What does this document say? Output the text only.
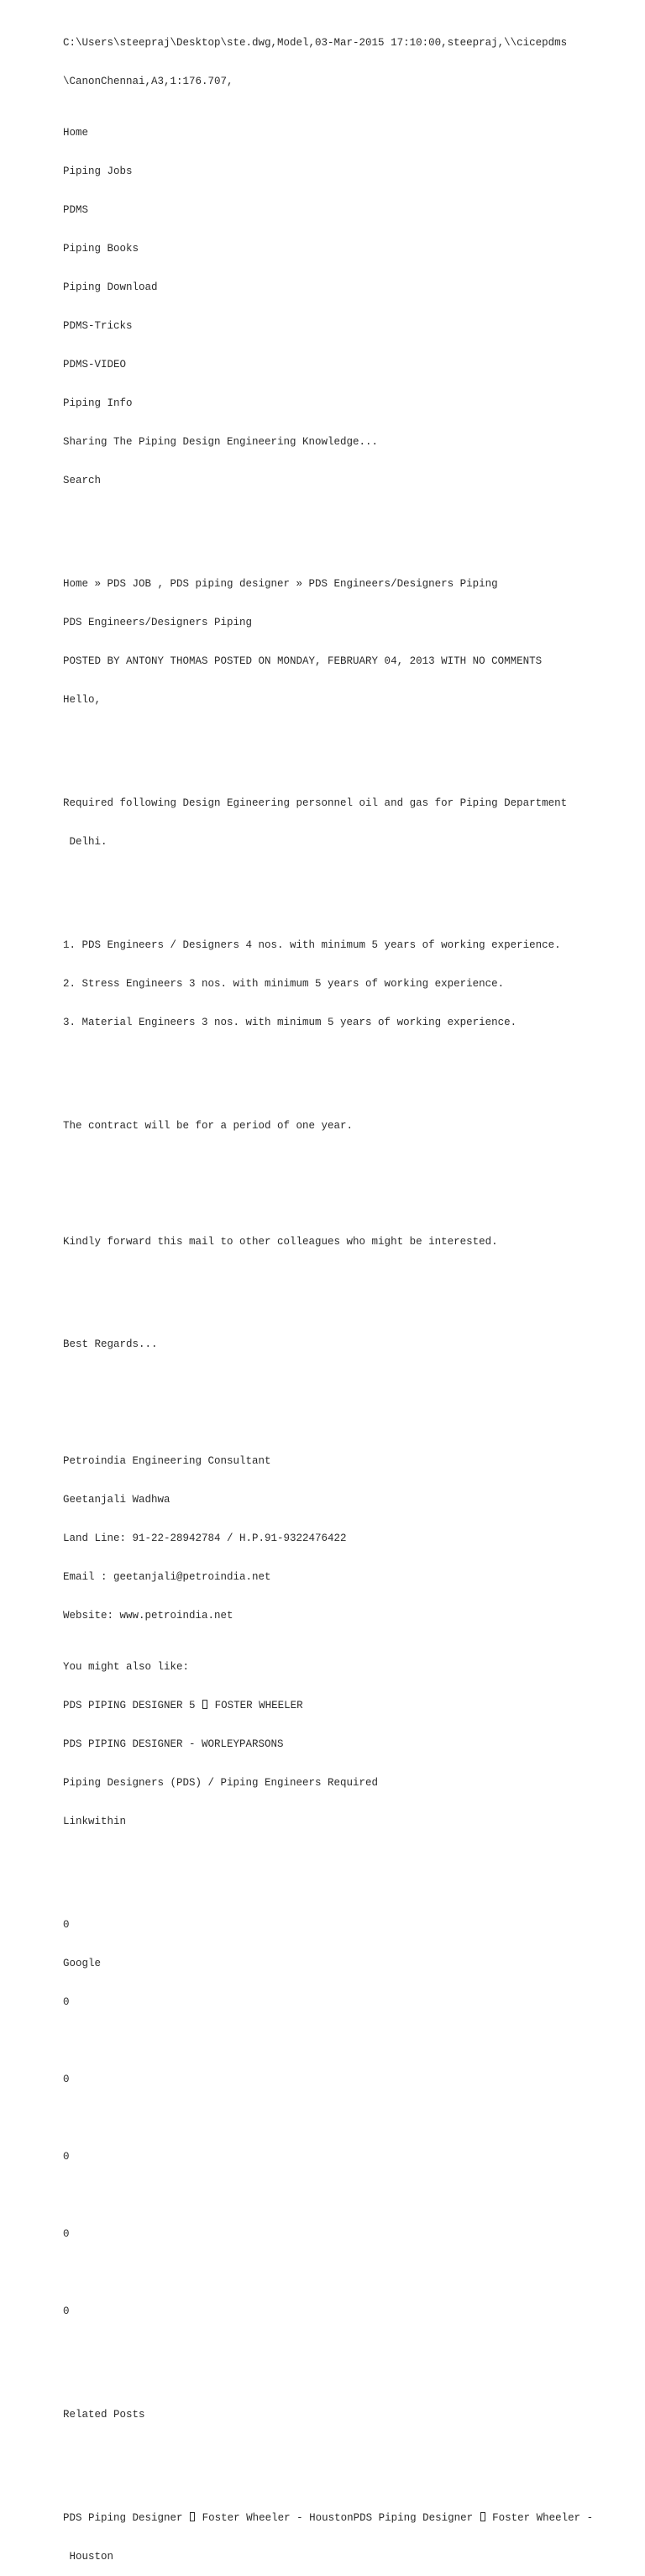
C:\Users\steepraj\Desktop\ste.dwg,Model,03-Mar-2015 17:10:00,steepraj,\\cicepdms

\CanonChennai,A3,1:176.707,

Home

Piping Jobs

PDMS

Piping Books

Piping Download

PDMS-Tricks

PDMS-VIDEO

Piping Info

Sharing The Piping Design Engineering Knowledge...

Search

Home » PDS JOB , PDS piping designer » PDS Engineers/Designers Piping

PDS Engineers/Designers Piping

POSTED BY ANTONY THOMAS POSTED ON MONDAY, FEBRUARY 04, 2013 WITH NO COMMENTS

Hello,

Required following Design Egineering personnel oil and gas for Piping Department

Delhi.

1. PDS Engineers / Designers 4 nos. with minimum 5 years of working experience.

2. Stress Engineers 3 nos. with minimum 5 years of working experience.

3. Material Engineers 3 nos. with minimum 5 years of working experience.

The contract will be for a period of one year.

Kindly forward this mail to other colleagues who might be interested.

Best Regards...

Petroindia Engineering Consultant

Geetanjali Wadhwa

Land Line: 91-22-28942784 / H.P.91-9322476422

Email : geetanjali@petroindia.net

Website: www.petroindia.net

You might also like:

PDS PIPING DESIGNER 5 FOSTER WHEELER

PDS PIPING DESIGNER - WORLEYPARSONS

Piping Designers (PDS) / Piping Engineers Required

Linkwithin

0

Google

0

0

0

0

0

Related Posts

PDS Piping Designer Foster Wheeler - HoustonPDS Piping Designer Foster Wheeler -

Houston
